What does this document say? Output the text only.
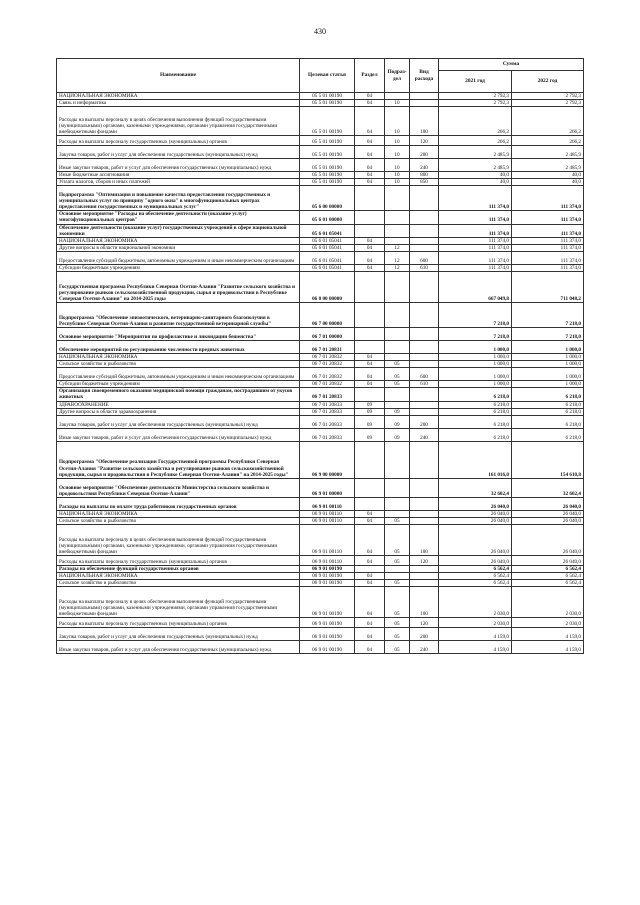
430
Наименование	Целевая статья	Раздел	Подраз-дел	Вид расхода	Сумма	
					2021 год	2022 год
НАЦИОНАЛЬНАЯ ЭКОНОМИКА	05 5 01 00190	04			2 792,3	2 792,3
Связь и информатика	05 5 01 00190	04	10		2 792,3	2 792,3
Расходы на выплаты персоналу в целях обеспечения выполнения функций государственными (муниципальными) органами, казенными учреждениями, органами управления государственными внебюджетными фондами	05 5 01 00190	04	10	100	266,2	266,2
Расходы на выплаты персоналу государственных (муниципальных) органов	05 5 01 00190	04	10	120	266,2	266,2
Закупка товаров, работ и услуг для обеспечения государственных (муниципальных) нужд	05 5 01 00190	04	10	200	2 485,9	2 485,9
Иные закупки товаров, работ и услуг для обеспечения государственных (муниципальных) нужд	05 5 01 00190	04	10	240	2 485,9	2 485,9
Иные бюджетные ассигнования	05 5 01 00190	04	10	800	40,0	40,0
Уплата налогов, сборов и иных платежей	05 5 01 00190	04	10	850	40,0	40,0
Подпрограмма "Оптимизация и повышение качества предоставления государственных и муниципальных услуг по принципу "одного окна" в многофункциональных центрах предоставления государственных и муниципальных услуг"	05 6 00 00000				111 374,0	111 374,0
Основное мероприятие "Расходы на обеспечение деятельности (оказание услуг) многофункциональных центров"	05 6 01 00000				111 374,0	111 374,0
Обеспечение деятельности (оказание услуг) государственных учреждений в сфере национальной экономики	05 6 01 05041				111 374,0	111 374,0
НАЦИОНАЛЬНАЯ ЭКОНОМИКА	05 6 01 05041	04			111 374,0	111 374,0
Другие вопросы в области национальной экономики	05 6 01 05041	04	12		111 374,0	111 374,0
Предоставление субсидий бюджетным, автономным учреждениям и иным некоммерческим организациям	05 6 01 05041	04	12	600	111 374,0	111 374,0
Субсидии бюджетным учреждениям	05 6 01 05041	04	12	610	111 374,0	111 374,0
Государственная программа Республики Северная Осетия-Алания "Развитие сельского хозяйства и регулирование рынков сельскохозяйственной продукции, сырья и продовольствия в Республике Северная Осетия-Алания" на 2014-2025 годы	06 0 00 00000				667 049,8	711 048,2
Подпрограмма "Обеспечение эпизоотического, ветеринарно-санитарного благополучия в Республике Северная Осетия-Алания и развитие государственной ветеринарной службы"	06 7 00 00000				7 218,0	7 218,0
Основное мероприятие "Мероприятия по профилактике и ликвидации бешенства"	06 7 01 00000				7 218,0	7 218,0
Обеспечение мероприятий по регулированию численности вредных животных	06 7 01 20831				1 000,0	1 000,0
НАЦИОНАЛЬНАЯ ЭКОНОМИКА	06 7 01 20832	04			1 000,0	1 000,0
Сельское хозяйство и рыболовство	06 7 01 20832	04	05		1 000,0	1 000,0
Предоставление субсидий бюджетным, автономным учреждениям и иным некоммерческим организациям	06 7 01 20832	04	05	600	1 000,0	1 000,0
Субсидии бюджетным учреждениям	06 7 01 20832	04	05	610	1 000,0	1 000,0
Организация своевременного оказания медицинской помощи гражданам, пострадавшим от укусов животных	06 7 01 20833				6 218,0	6 218,0
ЗДРАВООХРАНЕНИЕ	06 7 01 20833	09			6 218,0	6 218,0
Другие вопросы в области здравоохранения	06 7 01 20833	09	09		6 218,0	6 218,0
Закупка товаров, работ и услуг для обеспечения государственных (муниципальных) нужд	06 7 01 20833	09	09	200	6 218,0	6 218,0
Иные закупки товаров, работ и услуг для обеспечения государственных (муниципальных) нужд	06 7 01 20833	09	09	240	6 218,0	6 218,0
Подпрограмма "Обеспечение реализации Государственной программы Республики Северная Осетия-Алания "Развитие сельского хозяйства и регулирование рынков сельскохозяйственной продукции, сырья и продовольствия в Республике Северная Осетия-Алания" на 2014-2025 годы"	06 9 00 00000				161 016,0	154 610,8
Основное мероприятие "Обеспечение деятельности Министерства сельского хозяйства и продовольствия Республики Северная Осетия-Алания"	06 9 01 00000				32 602,4	32 602,4
Расходы на выплаты по оплате труда работников государственных органов	06 9 01 00110				26 040,0	26 040,0
НАЦИОНАЛЬНАЯ ЭКОНОМИКА	06 9 01 00110	04			26 040,0	26 040,0
Сельское хозяйство и рыболовство	06 9 01 00110	04	05		26 040,0	26 040,0
Расходы на выплаты персоналу в целях обеспечения выполнения функций государственными (муниципальными) органами, казенными учреждениями, органами управления государственными внебюджетными фондами	06 9 01 00110	04	05	100	26 040,0	26 040,0
Расходы на выплаты персоналу государственных (муниципальных) органов	06 9 01 00110	04	05	120	26 040,0	26 040,0
Расходы на обеспечение функций государственных органов	06 9 01 00190				6 562,4	6 562,4
НАЦИОНАЛЬНАЯ ЭКОНОМИКА	06 9 01 00190	04			6 562,4	6 562,4
Сельское хозяйство и рыболовство	06 9 01 00190	04	05		6 562,4	6 562,4
Расходы на выплаты персоналу в целях обеспечения выполнения функций государственными (муниципальными) органами, казенными учреждениями, органами управления государственными внебюджетными фондами	06 9 01 00190	04	05	100	2 030,0	2 030,0
Расходы на выплаты персоналу государственных (муниципальных) органов	06 9 01 00190	04	05	120	2 030,0	2 030,0
Закупка товаров, работ и услуг для обеспечения государственных (муниципальных) нужд	06 9 01 00190	04	05	200	4 159,0	4 159,0
Иные закупки товаров, работ и услуг для обеспечения государственных (муниципальных) нужд	06 9 01 00190	04	05	240	4 159,0	4 159,0
